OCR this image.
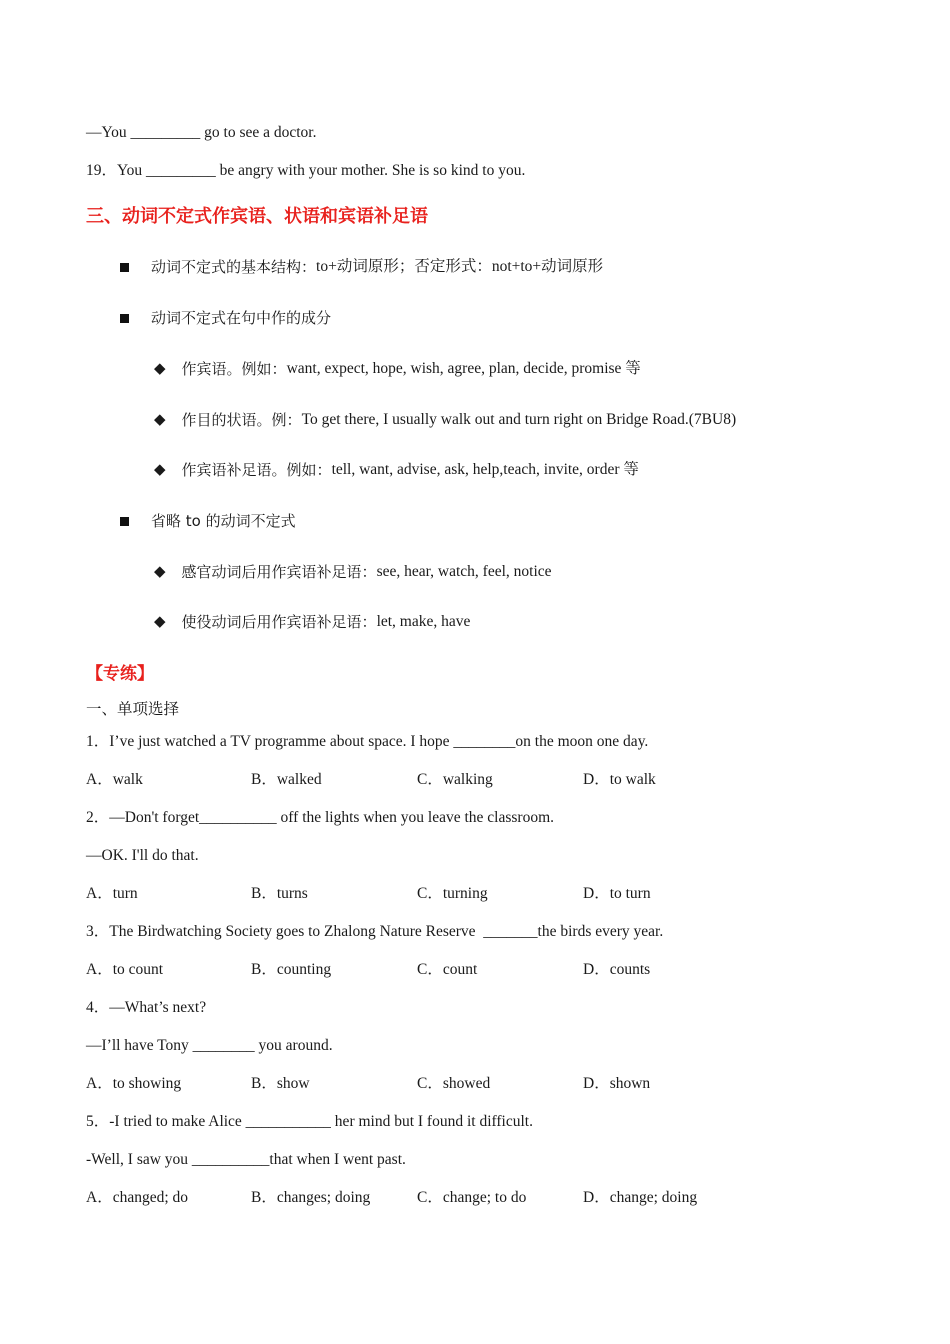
—You _________ go to see a doctor.
19．You _________ be angry with your mother. She is so kind to you.
三、动词不定式作宾语、状语和宾语补足语
动词不定式的基本结构： to+动词原形；否定形式：not+to+动词原形
动词不定式在句中作的成分
◆ 作宾语。例如： want, expect, hope, wish, agree, plan, decide, promise 等
◆ 作目的状语。例： To get there, I usually walk out and turn right on Bridge Road.(7BU8)
◆ 作宾语补足语。例如： tell, want, advise, ask, help,teach, invite, order 等
省略 to 的动词不定式
◆ 感官动词后用作宾语补足语： see, hear, watch, feel, notice
◆ 使役动词后用作宾语补足语： let, make, have
【专练】
一、单项选择
1．I’ve just watched a TV programme about space. I hope ________on the moon one day.
A．walk	B．walked	C．walking	D．to walk
2．—Don't forget__________ off the lights when you leave the classroom.
—OK. I'll do that.
A．turn	B．turns	C．turning	D．to turn
3．The Birdwatching Society goes to Zhalong Nature Reserve  _______the birds every year.
A．to count	B．counting	C．count	D．counts
4．—What’s next?
—I’ll have Tony ________ you around.
A．to showing	B．show	C．showed	D．shown
5．-I tried to make Alice ___________ her mind but I found it difficult.
-Well, I saw you __________that when I went past.
A．changed; do	B．changes; doing	C．change; to do	D．change; doing
